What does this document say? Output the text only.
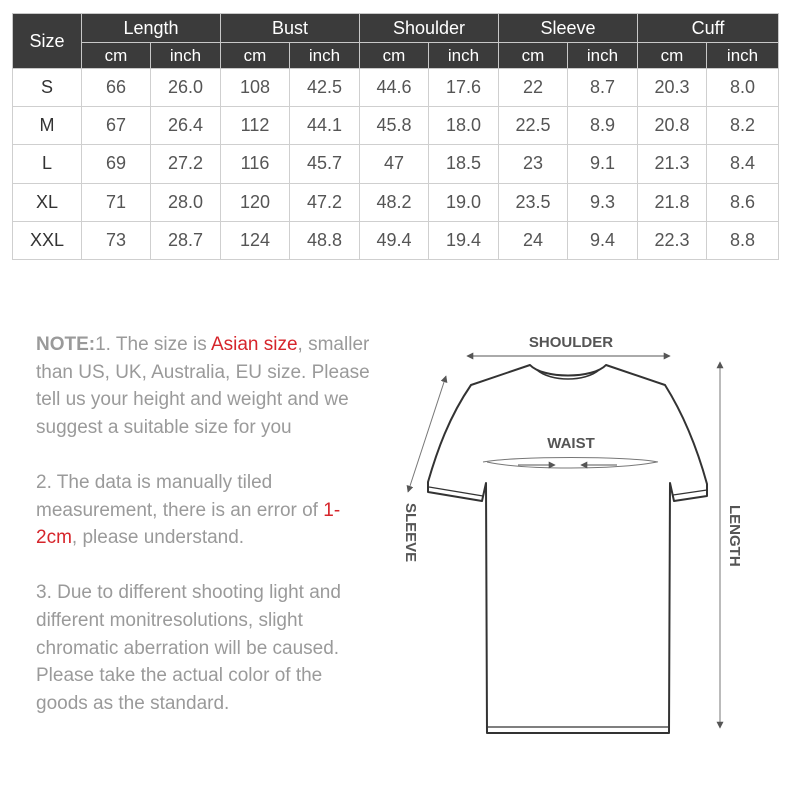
Size	Length		Bust		Shoulder		Sleeve		Cuff	
	cm	inch	cm	inch	cm	inch	cm	inch	cm	inch
S	66	26.0	108	42.5	44.6	17.6	22	8.7	20.3	8.0
M	67	26.4	112	44.1	45.8	18.0	22.5	8.9	20.8	8.2
L	69	27.2	116	45.7	47	18.5	23	9.1	21.3	8.4
XL	71	28.0	120	47.2	48.2	19.0	23.5	9.3	21.8	8.6
XXL	73	28.7	124	48.8	49.4	19.4	24	9.4	22.3	8.8

NOTE:1. The size is Asian size, smaller than US, UK, Australia, EU size. Please tell us your height and weight and we suggest a suitable size for you

2. The data is manually tiled measurement, there is an error of 1-2cm, please understand.

3. Due to different shooting light and different monitresolutions, slight chromatic aberration will be caused. Please take the actual color of the goods as the standard.

SHOULDER
WAIST
SLEEVE	LENGTH
